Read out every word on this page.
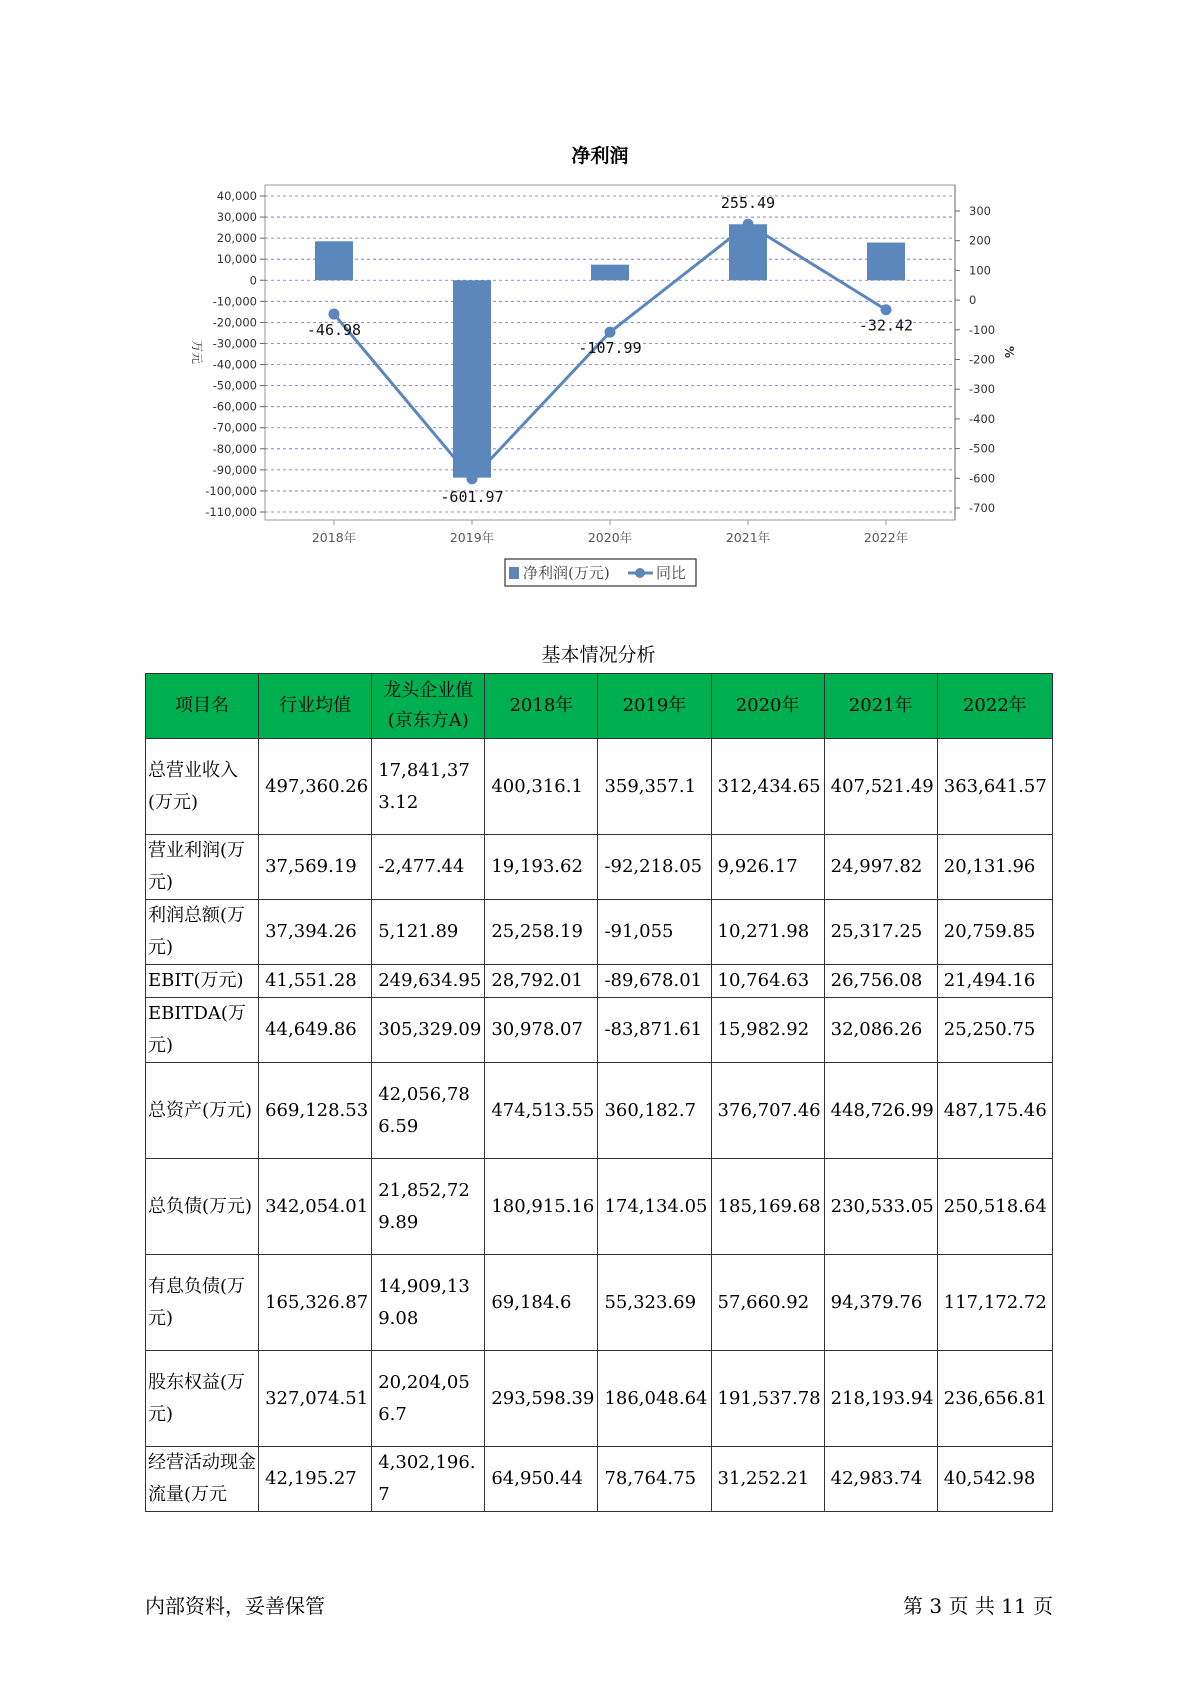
净利润
40,000
30,000
20,000
10,000
0
-10,000
-20,000
-30,000
-40,000
-50,000
-60,000
-70,000
-80,000
-90,000
-100,000
-110,000
300
200
100
0
-100
-200
-300
-400
-500
-600
-700
万元	%
2018年	2019年	2020年	2021年	2022年
-46.98
-601.97
-107.99
255.49
-32.42
净利润(万元)	同比
基本情况分析
项目名	行业均值	龙头企业值(京东方A)	2018年	2019年	2020年	2021年	2022年
总营业收入(万元)	497,360.26	17,841,373.12	400,316.1	359,357.1	312,434.65	407,521.49	363,641.57
营业利润(万元)	37,569.19	-2,477.44	19,193.62	-92,218.05	9,926.17	24,997.82	20,131.96
利润总额(万元)	37,394.26	5,121.89	25,258.19	-91,055	10,271.98	25,317.25	20,759.85
EBIT(万元)	41,551.28	249,634.95	28,792.01	-89,678.01	10,764.63	26,756.08	21,494.16
EBITDA(万元)	44,649.86	305,329.09	30,978.07	-83,871.61	15,982.92	32,086.26	25,250.75
总资产(万元)	669,128.53	42,056,786.59	474,513.55	360,182.7	376,707.46	448,726.99	487,175.46
总负债(万元)	342,054.01	21,852,729.89	180,915.16	174,134.05	185,169.68	230,533.05	250,518.64
有息负债(万元)	165,326.87	14,909,139.08	69,184.6	55,323.69	57,660.92	94,379.76	117,172.72
股东权益(万元)	327,074.51	20,204,056.7	293,598.39	186,048.64	191,537.78	218,193.94	236,656.81
经营活动现金流量(万元	42,195.27	4,302,196.7	64,950.44	78,764.75	31,252.21	42,983.74	40,542.98
内部资料，妥善保管	第 3 页 共 11 页
